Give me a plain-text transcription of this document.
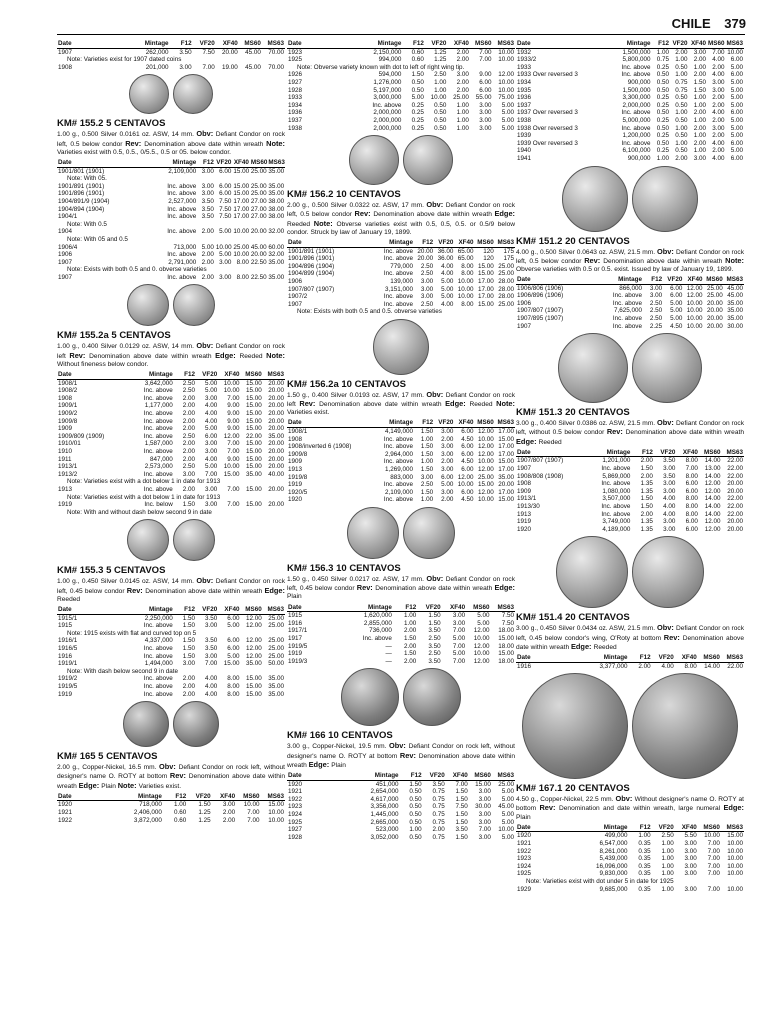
CHILE 379
Date	Mintage	F12	VF20	XF40	MS60	MS63
1907	262,000	3.50	7.50	20.00	45.00	70.00
Note: Varieties exist for 1907 dated coins						
1908	201,000	3.00	7.00	19.00	45.00	70.00
KM# 155.2 5 CENTAVOS

1.00 g., 0.500 Silver 0.0161 oz. ASW, 14 mm. Obv: Defiant Condor on rock left, 0.5 below condor Rev: Denomination above date within wreath Note: Varieties exist with 0.5, 0.5., 0/5.5., 0.5 or 05. below condor.

Date	Mintage	F12	VF20	XF40	MS60	MS63
1901/801 (1901)	2,109,000	3.00	6.00	15.00	25.00	35.00
Note: With 05.						
1901/891 (1901)	Inc. above	3.00	6.00	15.00	25.00	35.00
1901/896 (1901)	Inc. above	3.00	6.00	15.00	25.00	35.00
1904/891/9 (1904)	2,527,000	3.50	7.50	17.00	27.00	38.00
1904/894 (1904)	Inc. above	3.50	7.50	17.00	27.00	38.00
1904/1	Inc. above	3.50	7.50	17.00	27.00	38.00
Note: With 0.5						
1904	Inc. above	2.00	5.00	10.00	20.00	32.00
Note: With 05 and 0.5						
1906/4	713,000	5.00	10.00	25.00	45.00	60.00
1906	Inc. above	2.00	5.00	10.00	20.00	32.00
1907	2,791,000	2.00	3.00	8.00	22.50	35.00
Note: Exists with both 0.5 and 0. obverse varieties						
1907	Inc. above	2.00	3.00	8.00	22.50	35.00
KM# 155.2a 5 CENTAVOS

1.00 g., 0.400 Silver 0.0129 oz. ASW, 14 mm. Obv: Defiant Condor on rock left Rev: Denomination above date within wreath Edge: Reeded Note: Without fineness below condor.

Date	Mintage	F12	VF20	XF40	MS60	MS63
1908/1	3,642,000	2.50	5.00	10.00	15.00	20.00
1908/2	Inc. above	2.50	5.00	10.00	15.00	20.00
1908	Inc. above	2.00	3.00	7.00	15.00	20.00
1909/1	1,177,000	2.00	4.00	9.00	15.00	20.00
1909/2	Inc. above	2.00	4.00	9.00	15.00	20.00
1909/8	Inc. above	2.00	4.00	9.00	15.00	20.00
1909	Inc. above	2.00	5.00	9.00	15.00	20.00
1909/809 (1909)	Inc. above	2.50	6.00	12.00	22.00	35.00
1910/01	1,587,000	2.00	3.00	7.00	15.00	20.00
1910	Inc. above	2.00	3.00	7.00	15.00	20.00
1911	847,000	2.00	4.00	9.00	15.00	20.00
1913/1	2,573,000	2.50	5.00	10.00	15.00	20.00
1913/2	Inc. above	3.00	7.00	15.00	35.00	40.00
Note: Varieties exist with a dot below 1 in date for 1913						
1913	Inc. above	2.00	3.00	7.00	15.00	20.00
Note: Varieties exist with a dot below 1 in date for 1913						
1919	Inc. below	1.50	3.00	7.00	15.00	20.00
Note: With and without dash below second 9 in date						
KM# 155.3 5 CENTAVOS

1.00 g., 0.450 Silver 0.0145 oz. ASW, 14 mm. Obv: Defiant Condor on rock left, 0.45 below condor Rev: Denomination above date within wreath Edge: Reeded

Date	Mintage	F12	VF20	XF40	MS60	MS63
1915/1	2,250,000	1.50	3.50	6.00	12.00	25.00
1915	Inc. above	1.50	3.00	5.00	12.00	25.00
Note: 1915 exists with flat and curved top on 5						
1916/1	4,337,000	1.50	3.50	6.00	12.00	25.00
1916/5	Inc. above	1.50	3.50	6.00	12.00	25.00
1916	Inc. above	1.50	3.00	5.00	12.00	25.00
1919/1	1,494,000	3.00	7.00	15.00	35.00	50.00
Note: With dash below second 9 in date						
1919/2	Inc. above	2.00	4.00	8.00	15.00	35.00
1919/5	Inc. above	2.00	4.00	8.00	15.00	35.00
1919	Inc. above	2.00	4.00	8.00	15.00	35.00
KM# 165 5 CENTAVOS

2.00 g., Copper-Nickel, 16.5 mm. Obv: Defiant Condor on rock left, without designer's name O. ROTY at bottom Rev: Denomination above date within wreath Edge: Plain Note: Varieties exist.

Date	Mintage	F12	VF20	XF40	MS60	MS63
1920	718,000	1.00	1.50	3.00	10.00	15.00
1921	2,406,000	0.60	1.25	2.00	7.00	10.00
1922	3,872,000	0.60	1.25	2.00	7.00	10.00
Date	Mintage	F12	VF20	XF40	MS60	MS63
1923	2,150,000	0.60	1.25	2.00	7.00	10.00
1925	994,000	0.60	1.25	2.00	7.00	10.00
Note: Obverse variety known with dot to left of right wing tip.						
1926	594,000	1.50	2.50	3.00	9.00	12.00
1927	1,276,000	0.50	1.00	2.00	6.00	10.00
1928	5,197,000	0.50	1.00	2.00	6.00	10.00
1933	3,000,000	5.00	10.00	25.00	55.00	75.00
1934	Inc. above	0.25	0.50	1.00	3.00	5.00
1936	2,000,000	0.25	0.50	1.00	3.00	5.00
1937	2,000,000	0.25	0.50	1.00	3.00	5.00
1938	2,000,000	0.25	0.50	1.00	3.00	5.00
KM# 156.2 10 CENTAVOS

2.00 g., 0.500 Silver 0.0322 oz. ASW, 17 mm. Obv: Defiant Condor on rock left, 0.5 below condor Rev: Denomination above date within wreath Edge: Reeded Note: Obverse varieties exist with 0.5, 0.5, 0.5. or 0.5/9 below condor. Struck by law of January 19, 1899.

Date	Mintage	F12	VF20	XF40	MS60	MS63
1901/891 (1901)	Inc. above	20.00	36.00	65.00	120	175
1901/896 (1901)	Inc. above	20.00	36.00	65.00	120	175
1904/896 (1904)	779,000	2.50	4.00	8.00	15.00	25.00
1904/899 (1904)	Inc. above	2.50	4.00	8.00	15.00	25.00
1906	139,000	3.00	5.00	10.00	17.00	28.00
1907/807 (1907)	3,151,000	3.00	5.00	10.00	17.00	28.00
1907/2	Inc. above	3.00	5.00	10.00	17.00	28.00
1907	Inc. above	2.50	4.00	8.00	15.00	25.00
Note: Exists with both 0.5 and 0.5. obverse varieties						
KM# 156.2a 10 CENTAVOS

1.50 g., 0.400 Silver 0.0193 oz. ASW, 17 mm. Obv: Defiant Condor on rock left Rev: Denomination above date within wreath Edge: Reeded Note: Varieties exist.

Date	Mintage	F12	VF20	XF40	MS60	MS63
1908/1	4,149,000	1.50	3.00	6.00	12.00	17.00
1908	Inc. above	1.00	2.00	4.50	10.00	15.00
1908/inverted 6 (1908)	Inc. above	1.50	3.00	6.00	12.00	17.00
1909/8	2,964,000	1.50	3.00	6.00	12.00	17.00
1909	Inc. above	1.00	2.00	4.50	10.00	15.00
1913	1,269,000	1.50	3.00	6.00	12.00	17.00
1919/8	883,000	3.00	6.00	12.00	25.00	35.00
1919	Inc. above	2.50	5.00	10.00	15.00	20.00
1920/5	2,109,000	1.50	3.00	6.00	12.00	17.00
1920	Inc. above	1.00	2.00	4.50	10.00	15.00
KM# 156.3 10 CENTAVOS

1.50 g., 0.450 Silver 0.0217 oz. ASW, 17 mm. Obv: Defiant Condor on rock left, 0.45 below condor Rev: Denomination above date within wreath Edge: Plain

Date	Mintage	F12	VF20	XF40	MS60	MS63
1915	1,620,000	1.00	1.50	3.00	5.00	7.50
1916	2,855,000	1.00	1.50	3.00	5.00	7.50
1917/1	736,000	2.00	3.50	7.00	12.00	18.00
1917	Inc. above	1.50	2.50	5.00	10.00	15.00
1919/5	—	2.00	3.50	7.00	12.00	18.00
1919	—	1.50	2.50	5.00	10.00	15.00
1919/3	—	2.00	3.50	7.00	12.00	18.00
KM# 166 10 CENTAVOS

3.00 g., Copper-Nickel, 19.5 mm. Obv: Defiant Condor on rock left, without designer's name O. ROTY at bottom Rev: Denomination above date within wreath Edge: Plain

Date	Mintage	F12	VF20	XF40	MS60	MS63
1920	451,000	1.50	3.50	7.00	15.00	25.00
1921	2,654,000	0.50	0.75	1.50	3.00	5.00
1922	4,617,000	0.50	0.75	1.50	3.00	5.00
1923	3,356,000	0.50	0.75	7.50	30.00	45.00
1924	1,445,000	0.50	0.75	1.50	3.00	5.00
1925	2,665,000	0.50	0.75	1.50	3.00	5.00
1927	523,000	1.00	2.00	3.50	7.00	10.00
1928	3,052,000	0.50	0.75	1.50	3.00	5.00
Date	Mintage	F12	VF20	XF40	MS60	MS63
1932	1,500,000	1.00	2.00	3.00	7.00	10.00
1933/2	5,800,000	0.75	1.00	2.00	4.00	6.00
1933	Inc. above	0.25	0.50	1.00	2.00	5.00
1933 Over reversed 3	Inc. above	0.50	1.00	2.00	4.00	6.00
1934	900,000	0.50	0.75	1.50	3.00	5.00
1935	1,500,000	0.50	0.75	1.50	3.00	5.00
1936	3,300,000	0.25	0.50	1.00	2.00	5.00
1937	2,000,000	0.25	0.50	1.00	2.00	5.00
1937 Over reversed 3	Inc. above	0.50	1.00	2.00	4.00	6.00
1938	5,000,000	0.25	0.50	1.00	2.00	5.00
1938 Over reversed 3	Inc. above	0.50	1.00	2.00	3.00	5.00
1939	1,200,000	0.25	0.50	1.00	2.00	5.00
1939 Over reversed 3	Inc. above	0.50	1.00	2.00	4.00	6.00
1940	6,100,000	0.25	0.50	1.00	2.00	5.00
1941	900,000	1.00	2.00	3.00	4.00	6.00
KM# 151.2 20 CENTAVOS

4.00 g., 0.500 Silver 0.0643 oz. ASW, 21.5 mm. Obv: Defiant Condor on rock left, 0.5 below condor Rev: Denomination above date within wreath Note: Obverse varieties with 0.5 or 0.5. exist. Issued by law of January 19, 1899.

Date	Mintage	F12	VF20	XF40	MS60	MS63
1906/806 (1906)	866,000	3.00	6.00	12.00	25.00	45.00
1906/896 (1906)	Inc. above	3.00	6.00	12.00	25.00	45.00
1906	Inc. above	2.50	5.00	10.00	20.00	35.00
1907/807 (1907)	7,625,000	2.50	5.00	10.00	20.00	35.00
1907/895 (1907)	Inc. above	2.50	5.00	10.00	20.00	35.00
1907	Inc. above	2.25	4.50	10.00	20.00	30.00
KM# 151.3 20 CENTAVOS

3.00 g., 0.400 Silver 0.0386 oz. ASW, 21.5 mm. Obv: Defiant Condor on rock left, without 0.5 below condor Rev: Denomination above date within wreath Edge: Reeded

Date	Mintage	F12	VF20	XF40	MS60	MS63
1907/807 (1907)	1,201,000	2.00	3.50	8.00	14.00	22.00
1907	Inc. above	1.50	3.00	7.00	13.00	22.00
1908/808 (1908)	5,869,000	2.00	3.50	8.00	14.00	22.00
1908	Inc. above	1.35	3.00	6.00	12.00	20.00
1909	1,080,000	1.35	3.00	6.00	12.00	20.00
1913/1	3,507,000	1.50	4.00	8.00	14.00	22.00
1913/30	Inc. above	1.50	4.00	8.00	14.00	22.00
1913	Inc. above	2.00	4.00	8.00	14.00	22.00
1919	3,749,000	1.35	3.00	6.00	12.00	20.00
1920	4,189,000	1.35	3.00	6.00	12.00	20.00
KM# 151.4 20 CENTAVOS

3.00 g., 0.450 Silver 0.0434 oz. ASW, 21.5 mm. Obv: Defiant Condor on rock left, 0.45 below condor's wing, O'Roty at bottom Rev: Denomination above date within wreath Edge: Reeded

Date	Mintage	F12	VF20	XF40	MS60	MS63
1916	3,377,000	2.00	4.00	8.00	14.00	22.00
KM# 167.1 20 CENTAVOS

4.50 g., Copper-Nickel, 22.5 mm. Obv: Without designer's name O. ROTY at bottom Rev: Denomination and date within wreath, large numeral Edge: Plain

Date	Mintage	F12	VF20	XF40	MS60	MS63
1920	499,000	1.00	2.50	5.50	10.00	15.00
1921	6,547,000	0.35	1.00	3.00	7.00	10.00
1922	8,261,000	0.35	1.00	3.00	7.00	10.00
1923	5,439,000	0.35	1.00	3.00	7.00	10.00
1924	16,096,000	0.35	1.00	3.00	7.00	10.00
1925	9,830,000	0.35	1.00	3.00	7.00	10.00
Note: Varieties exist with dot under 5 in date for 1925						
1929	9,685,000	0.35	1.00	3.00	7.00	10.00
